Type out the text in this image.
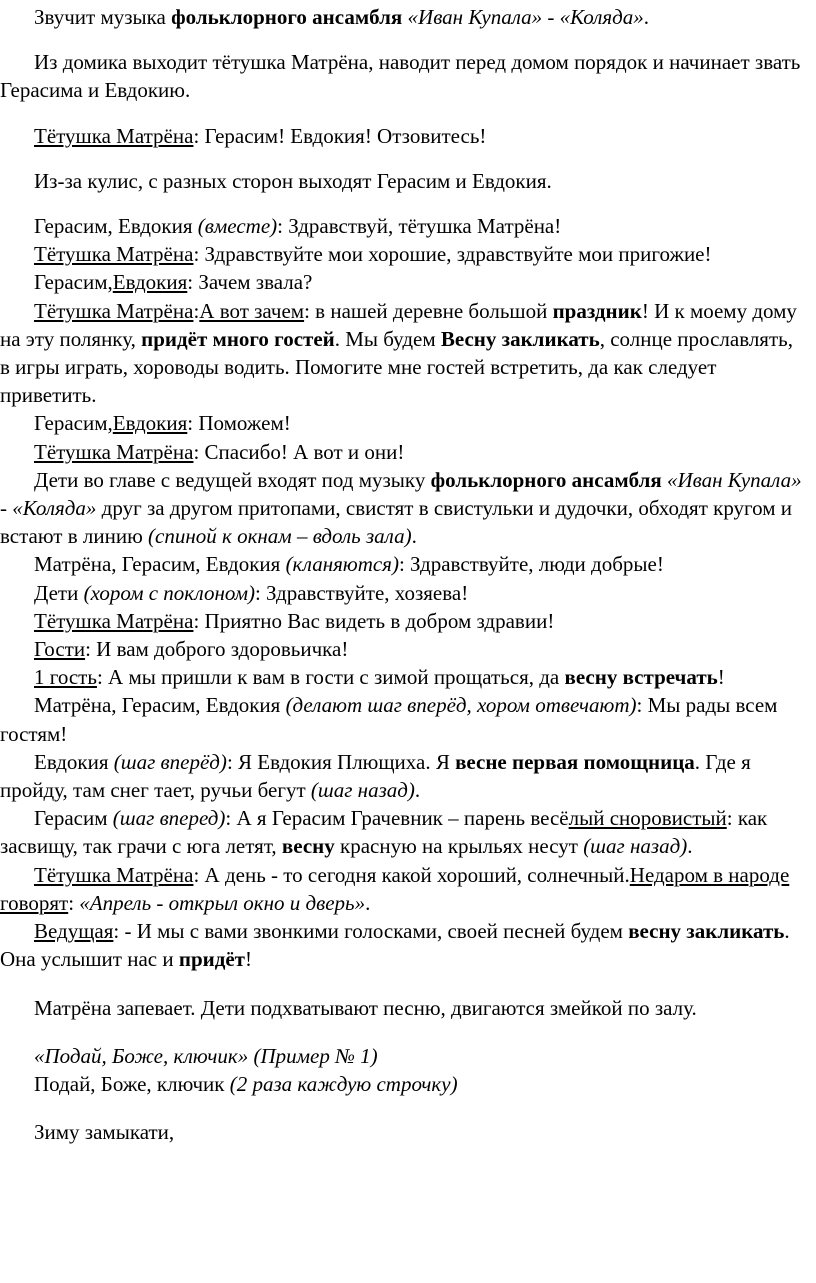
Звучит музыка фольклорного ансамбля «Иван Купала» - «Коляда».

Из домика выходит тётушка Матрёна, наводит перед домом порядок и начинает звать Герасима и Евдокию.

Тётушка Матрёна: Герасим! Евдокия! Отзовитесь!

Из-за кулис, с разных сторон выходят Герасим и Евдокия.

Герасим, Евдокия (вместе): Здравствуй, тётушка Матрёна!

Тётушка Матрёна: Здравствуйте мои хорошие, здравствуйте мои пригожие!

Герасим,Евдокия: Зачем звала?

Тётушка Матрёна:А вот зачем: в нашей деревне большой праздник! И к моему дому на эту полянку, придёт много гостей. Мы будем Весну закликать, солнце прославлять, в игры играть, хороводы водить. Помогите мне гостей встретить, да как следует приветить.

Герасим,Евдокия: Поможем!

Тётушка Матрёна: Спасибо! А вот и они!

Дети во главе с ведущей входят под музыку фольклорного ансамбля «Иван Купала» - «Коляда» друг за другом притопами, свистят в свистульки и дудочки, обходят кругом и встают в линию (спиной к окнам – вдоль зала).

Матрёна, Герасим, Евдокия (кланяются): Здравствуйте, люди добрые!

Дети (хором с поклоном): Здравствуйте, хозяева!

Тётушка Матрёна: Приятно Вас видеть в добром здравии!

Гости: И вам доброго здоровьичка!

1 гость: А мы пришли к вам в гости с зимой прощаться, да весну встречать!

Матрёна, Герасим, Евдокия (делают шаг вперёд, хором отвечают): Мы рады всем гостям!

Евдокия (шаг вперёд): Я Евдокия Плющиха. Я весне первая помощница. Где я пройду, там снег тает, ручьи бегут (шаг назад).

Герасим (шаг вперед): А я Герасим Грачевник – парень весёлый сноровистый: как засвищу, так грачи с юга летят, весну красную на крыльях несут (шаг назад).

Тётушка Матрёна: А день - то сегодня какой хороший, солнечный.Недаром в народе говорят: «Апрель - открыл окно и дверь».

Ведущая: - И мы с вами звонкими голосками, своей песней будем весну закликать. Она услышит нас и придёт!

Матрёна запевает. Дети подхватывают песню, двигаются змейкой по залу.

«Подай, Боже, ключик» (Пример № 1)

Подай, Боже, ключик (2 раза каждую строчку)

Зиму замыкати,
